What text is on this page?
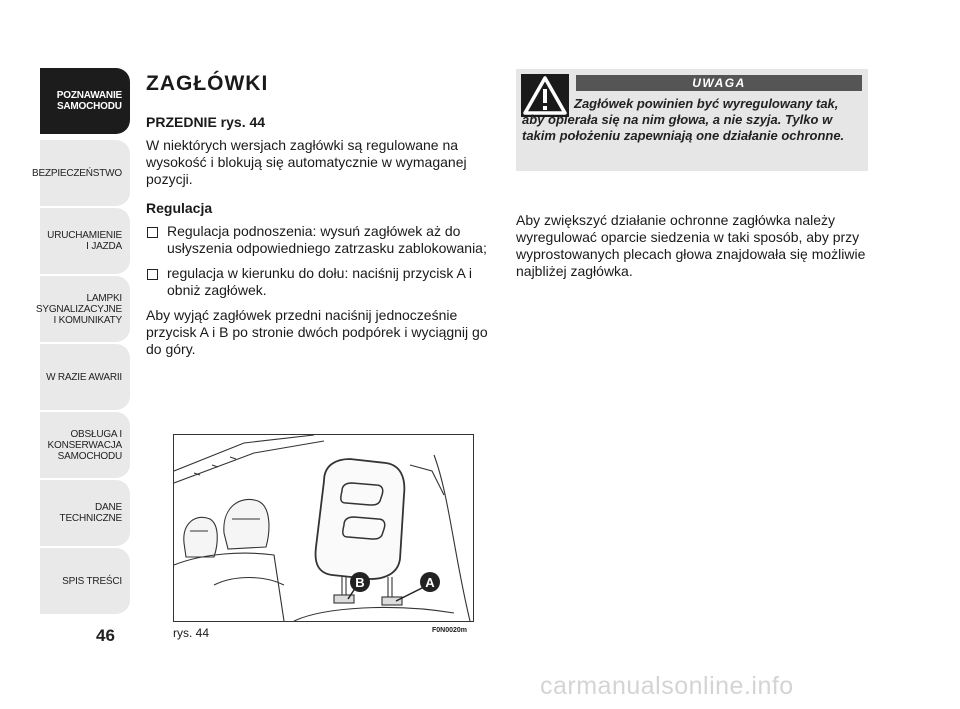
POZNAWANIE
SAMOCHODU
BEZPIECZEŃSTWO
URUCHAMIENIE
I JAZDA
LAMPKI
SYGNALIZACYJNE
I KOMUNIKATY
W RAZIE AWARII
OBSŁUGA I
KONSERWACJA
SAMOCHODU
DANE TECHNICZNE
SPIS TREŚCI
46
ZAGŁÓWKI
PRZEDNIE rys. 44
W niektórych wersjach zagłówki są regulowane na wysokość i blokują się automatycznie w wymaganej pozycji.
Regulacja
Regulacja podnoszenia: wysuń zagłówek aż do usłyszenia odpowiedniego zatrzasku zablokowania;
regulacja w kierunku do dołu: naciśnij przycisk A i obniż zagłówek.
Aby wyjąć zagłówek przedni naciśnij jednocześnie przycisk A i B po stronie dwóch podpórek i wyciągnij go do góry.
UWAGA
Zagłówek powinien być wyregulowany tak, aby opierała się na nim głowa, a nie szyja. Tylko w takim położeniu zapewniają one działanie ochronne.
Aby zwiększyć działanie ochronne zagłówka należy wyregulować oparcie siedzenia w taki sposób, aby przy wyprostowanych plecach głowa znajdowała się możliwie najbliżej zagłówka.
B	A
rys. 44	F0N0020m
carmanualsonline.info
